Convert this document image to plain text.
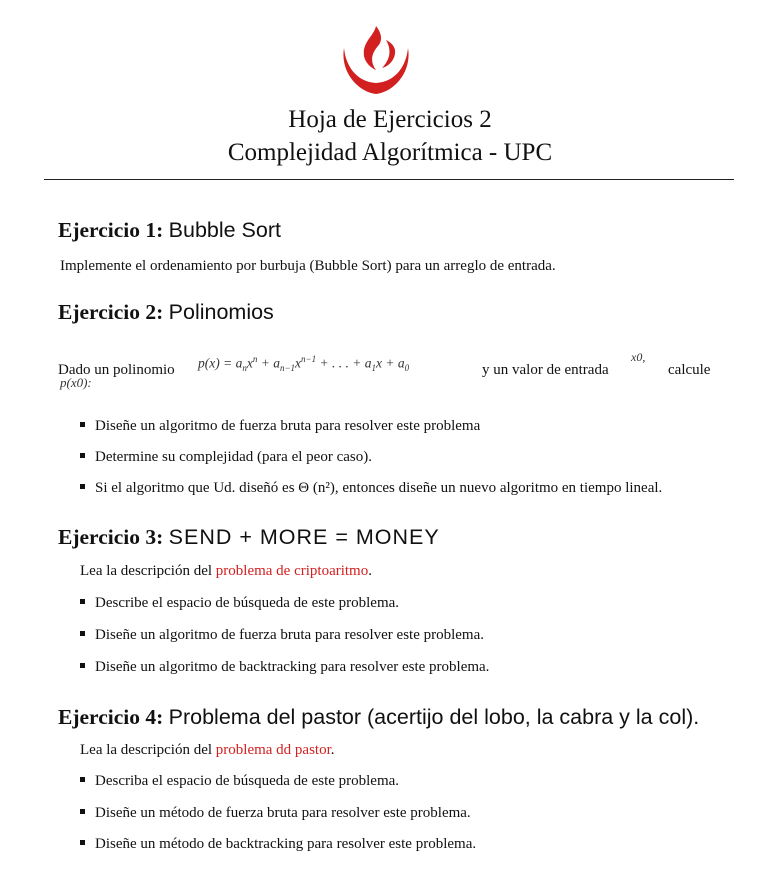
Hoja de Ejercicios 2
Complejidad Algorítmica - UPC
Ejercicio 1: Bubble Sort
Implemente el ordenamiento por burbuja (Bubble Sort) para un arreglo de entrada.
Ejercicio 2: Polinomios
Dado un polinomio $p(x) = a_nx^n + a_{n-1}x^{n-1}$ + . . . + $a_1x + a_0$	y un valor de entrada
x0,
calcule
p(x0):
Diseñe un algoritmo de fuerza bruta para resolver este problema
Determine su complejidad (para el peor caso).
Si el algoritmo que Ud. diseñó es Θ (n²), entonces diseñe un nuevo algoritmo en tiempo lineal.
Ejercicio 3: SEND + MORE = MONEY
Lea la descripción del problema de criptoaritmo.
Describe el espacio de búsqueda de este problema.
Diseñe un algoritmo de fuerza bruta para resolver este problema.
Diseñe un algoritmo de backtracking para resolver este problema.
Ejercicio 4: Problema del pastor (acertijo del lobo, la cabra y la col).
Lea la descripción del problema dd pastor.
Describa el espacio de búsqueda de este problema.
Diseñe un método de fuerza bruta para resolver este problema.
Diseñe un método de backtracking para resolver este problema.
